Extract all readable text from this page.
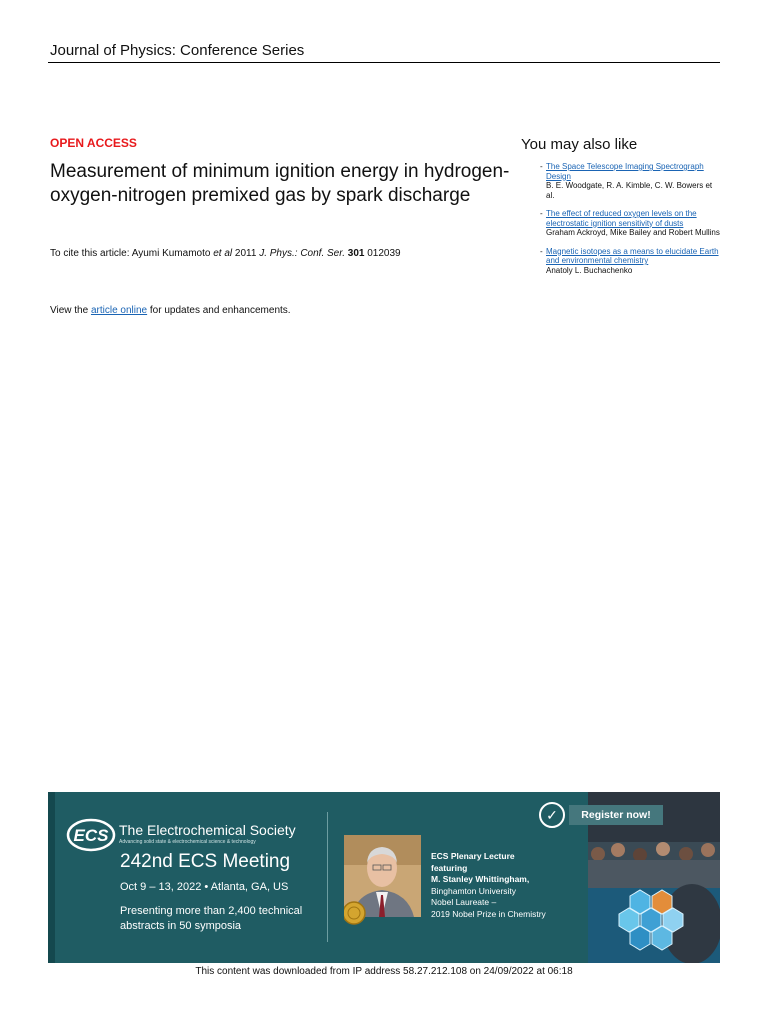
Journal of Physics: Conference Series
OPEN ACCESS
Measurement of minimum ignition energy in hydrogen-oxygen-nitrogen premixed gas by spark discharge
To cite this article: Ayumi Kumamoto et al 2011 J. Phys.: Conf. Ser. 301 012039
View the article online for updates and enhancements.
You may also like
- The Space Telescope Imaging Spectrograph Design
B. E. Woodgate, R. A. Kimble, C. W. Bowers et al.
- The effect of reduced oxygen levels on the electrostatic ignition sensitivity of dusts
Graham Ackroyd, Mike Bailey and Robert Mullins
- Magnetic isotopes as a means to elucidate Earth and environmental chemistry
Anatoly L. Buchachenko
ECS The Electrochemical Society
Advancing solid state & electrochemical science & technology
242nd ECS Meeting
Oct 9 – 13, 2022 • Atlanta, GA, US
Presenting more than 2,400 technical abstracts in 50 symposia
ECS Plenary Lecture
featuring
M. Stanley Whittingham,
Binghamton University
Nobel Laureate –
2019 Nobel Prize in Chemistry
✓	Register now!
This content was downloaded from IP address 58.27.212.108 on 24/09/2022 at 06:18
